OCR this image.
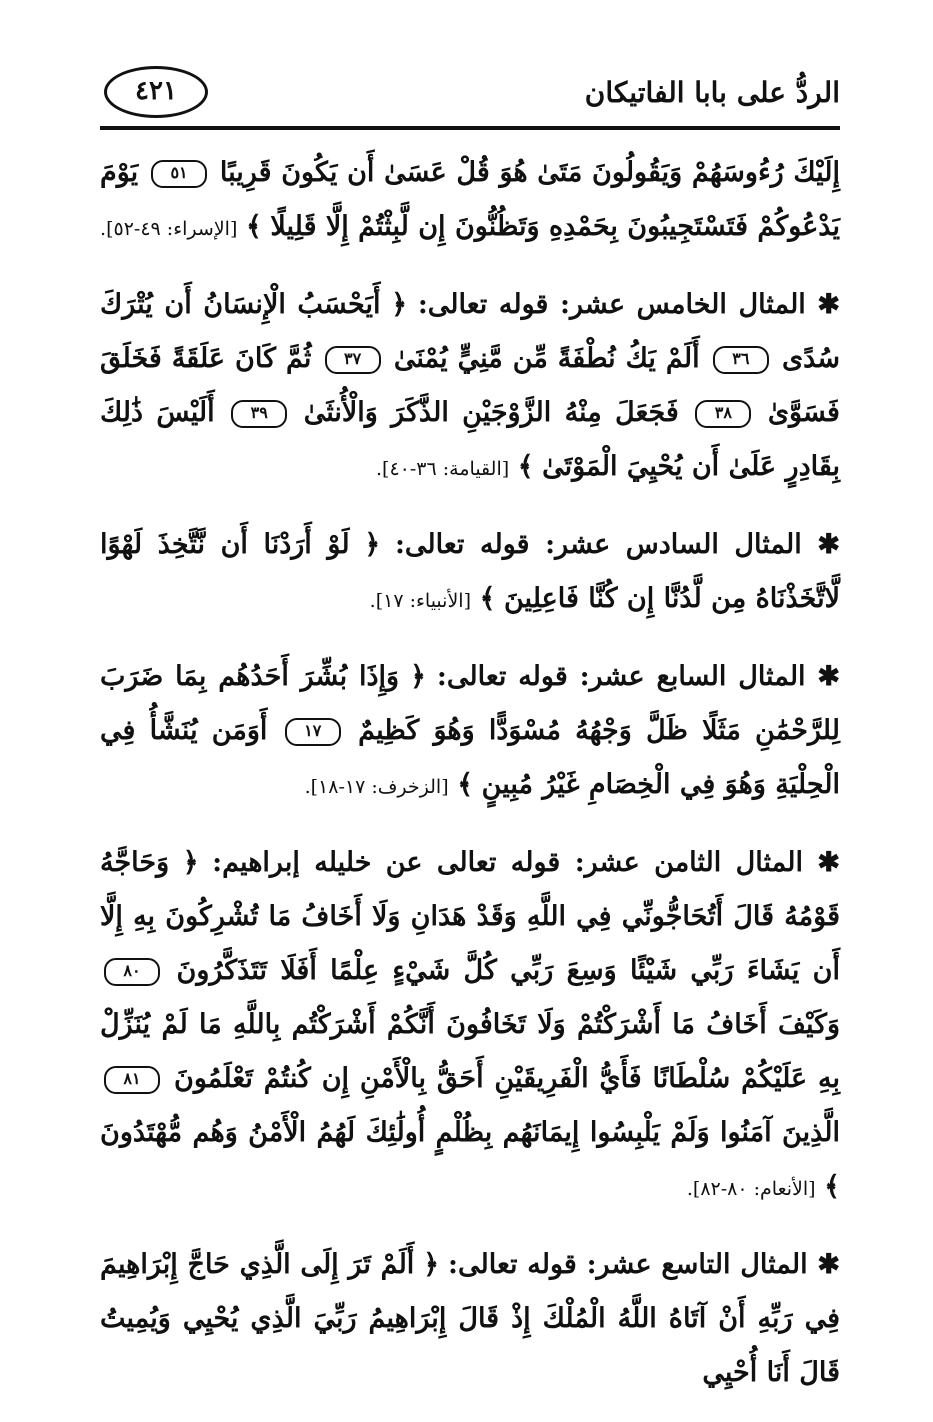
الردُّ على بابا الفاتيكان
٤٢١

إِلَيْكَ رُءُوسَهُمْ وَيَقُولُونَ مَتَىٰ هُوَ قُلْ عَسَىٰ أَن يَكُونَ قَرِيبًا ٥١ يَوْمَ يَدْعُوكُمْ فَتَسْتَجِيبُونَ بِحَمْدِهِ وَتَظُنُّونَ إِن لَّبِثْتُمْ إِلَّا قَلِيلًا ﴾ [الإسراء: ٤٩-٥٢].

✱ المثال الخامس عشر: قوله تعالى: ﴿ أَيَحْسَبُ الْإِنسَانُ أَن يُتْرَكَ سُدًى ٣٦ أَلَمْ يَكُ نُطْفَةً مِّن مَّنِيٍّ يُمْنَىٰ ٣٧ ثُمَّ كَانَ عَلَقَةً فَخَلَقَ فَسَوَّىٰ ٣٨ فَجَعَلَ مِنْهُ الزَّوْجَيْنِ الذَّكَرَ وَالْأُنثَىٰ ٣٩ أَلَيْسَ ذَٰلِكَ بِقَادِرٍ عَلَىٰ أَن يُحْيِيَ الْمَوْتَىٰ ﴾ [القيامة: ٣٦-٤٠].

✱ المثال السادس عشر: قوله تعالى: ﴿ لَوْ أَرَدْنَا أَن نَّتَّخِذَ لَهْوًا لَّاتَّخَذْنَاهُ مِن لَّدُنَّا إِن كُنَّا فَاعِلِينَ ﴾ [الأنبياء: ١٧].

✱ المثال السابع عشر: قوله تعالى: ﴿ وَإِذَا بُشِّرَ أَحَدُهُم بِمَا ضَرَبَ لِلرَّحْمَٰنِ مَثَلًا ظَلَّ وَجْهُهُ مُسْوَدًّا وَهُوَ كَظِيمٌ ١٧ أَوَمَن يُنَشَّأُ فِي الْحِلْيَةِ وَهُوَ فِي الْخِصَامِ غَيْرُ مُبِينٍ ﴾ [الزخرف: ١٧-١٨].

✱ المثال الثامن عشر: قوله تعالى عن خليله إبراهيم: ﴿ وَحَاجَّهُ قَوْمُهُ قَالَ أَتُحَاجُّونِّي فِي اللَّهِ وَقَدْ هَدَانِ وَلَا أَخَافُ مَا تُشْرِكُونَ بِهِ إِلَّا أَن يَشَاءَ رَبِّي شَيْئًا وَسِعَ رَبِّي كُلَّ شَيْءٍ عِلْمًا أَفَلَا تَتَذَكَّرُونَ ٨٠ وَكَيْفَ أَخَافُ مَا أَشْرَكْتُمْ وَلَا تَخَافُونَ أَنَّكُمْ أَشْرَكْتُم بِاللَّهِ مَا لَمْ يُنَزِّلْ بِهِ عَلَيْكُمْ سُلْطَانًا فَأَيُّ الْفَرِيقَيْنِ أَحَقُّ بِالْأَمْنِ إِن كُنتُمْ تَعْلَمُونَ ٨١ الَّذِينَ آمَنُوا وَلَمْ يَلْبِسُوا إِيمَانَهُم بِظُلْمٍ أُولَٰئِكَ لَهُمُ الْأَمْنُ وَهُم مُّهْتَدُونَ ﴾ [الأنعام: ٨٠-٨٢].

✱ المثال التاسع عشر: قوله تعالى: ﴿ أَلَمْ تَرَ إِلَى الَّذِي حَاجَّ إِبْرَاهِيمَ فِي رَبِّهِ أَنْ آتَاهُ اللَّهُ الْمُلْكَ إِذْ قَالَ إِبْرَاهِيمُ رَبِّيَ الَّذِي يُحْيِي وَيُمِيتُ قَالَ أَنَا أُحْيِي
